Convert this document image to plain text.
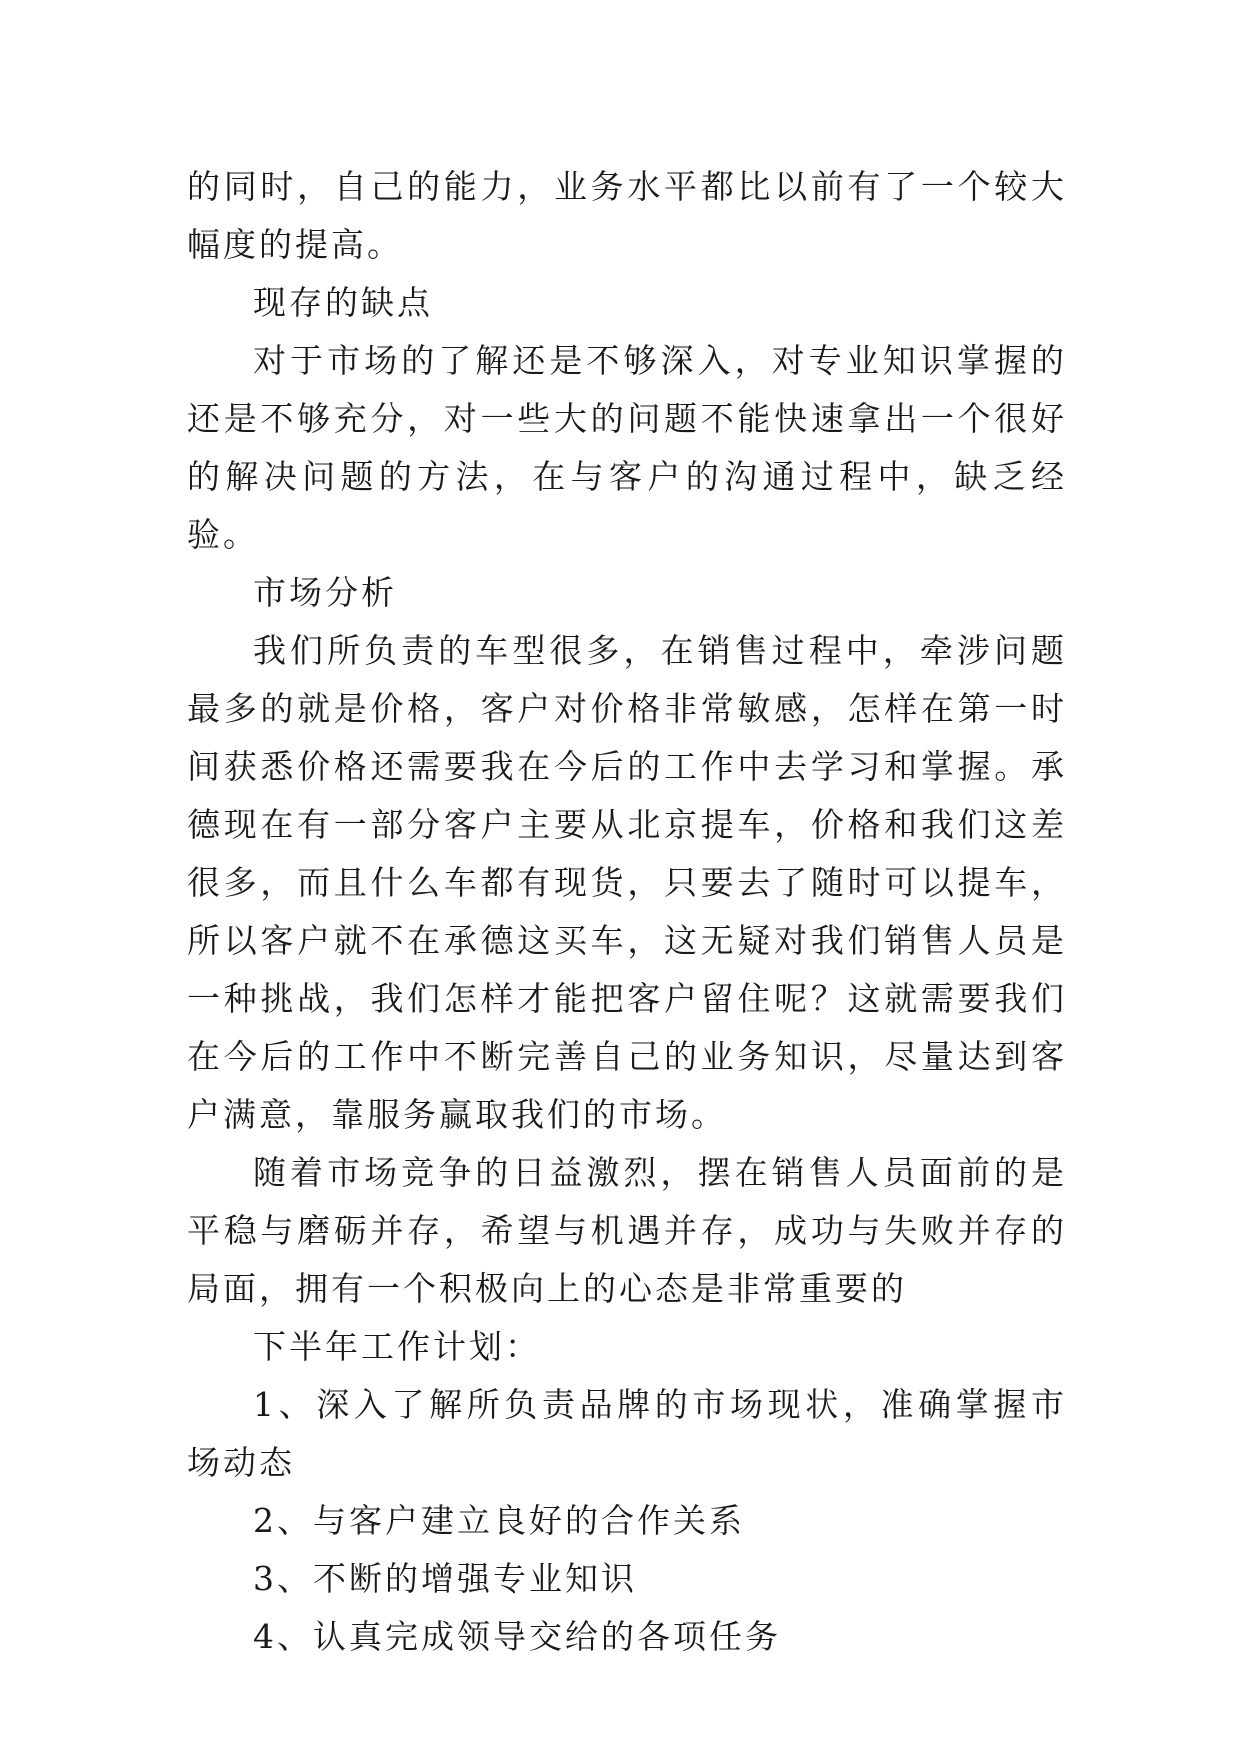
的同时，自己的能力，业务水平都比以前有了一个较大幅度的提高。

现存的缺点

对于市场的了解还是不够深入，对专业知识掌握的还是不够充分，对一些大的问题不能快速拿出一个很好的解决问题的方法，在与客户的沟通过程中，缺乏经验。

市场分析

我们所负责的车型很多，在销售过程中，牵涉问题最多的就是价格，客户对价格非常敏感，怎样在第一时间获悉价格还需要我在今后的工作中去学习和掌握。承德现在有一部分客户主要从北京提车，价格和我们这差很多，而且什么车都有现货，只要去了随时可以提车，所以客户就不在承德这买车，这无疑对我们销售人员是一种挑战，我们怎样才能把客户留住呢？这就需要我们在今后的工作中不断完善自己的业务知识，尽量达到客户满意，靠服务赢取我们的市场。

随着市场竞争的日益激烈，摆在销售人员面前的是平稳与磨砺并存，希望与机遇并存，成功与失败并存的局面，拥有一个积极向上的心态是非常重要的

下半年工作计划：

1、深入了解所负责品牌的市场现状，准确掌握市场动态

2、与客户建立良好的合作关系

3、不断的增强专业知识

4、认真完成领导交给的各项任务
